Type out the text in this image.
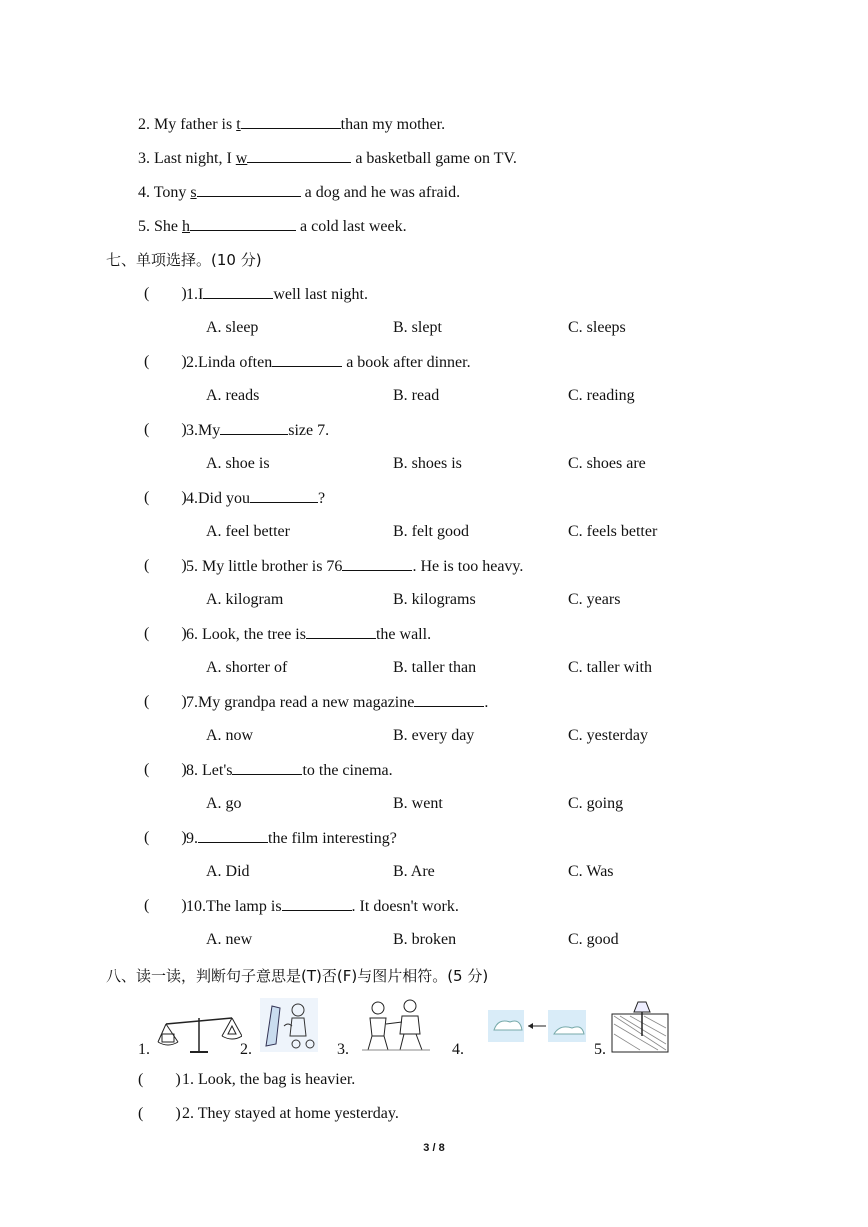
2. My father is t	than my mother.
3. Last night, I w	a basketball game on TV.
4. Tony s	a dog and he was afraid.
5. She h	a cold last week.
七、单项选择。(10 分)
(        ) 1.I	well last night.
A. sleep	B. slept	C. sleeps
(        ) 2.Linda often	a book after dinner.
A. reads	B. read	C. reading
(        ) 3.My	size 7.
A. shoe is	B. shoes is	C. shoes are
(        ) 4.Did you	?
A. feel better	B. felt good	C. feels better
(        ) 5. My little brother is 76	. He is too heavy.
A. kilogram	B. kilograms	C. years
(        ) 6. Look, the tree is	the wall.
A. shorter of	B. taller than	C. taller with
(        ) 7.My grandpa read a new magazine	.
A. now	B. every day	C. yesterday
(        ) 8. Let's	to the cinema.
A. go	B. went	C. going
(        ) 9.	the film interesting?
A. Did	B. Are	C. Was
(        ) 10.The lamp is	. It doesn't work.
A. new	B. broken	C. good
八、读一读，判断句子意思是(T)否(F)与图片相符。(5 分)
1.	2.	3.	4.	5.
(        ) 1. Look, the bag is heavier.
(        ) 2. They stayed at home yesterday.
3 / 8
